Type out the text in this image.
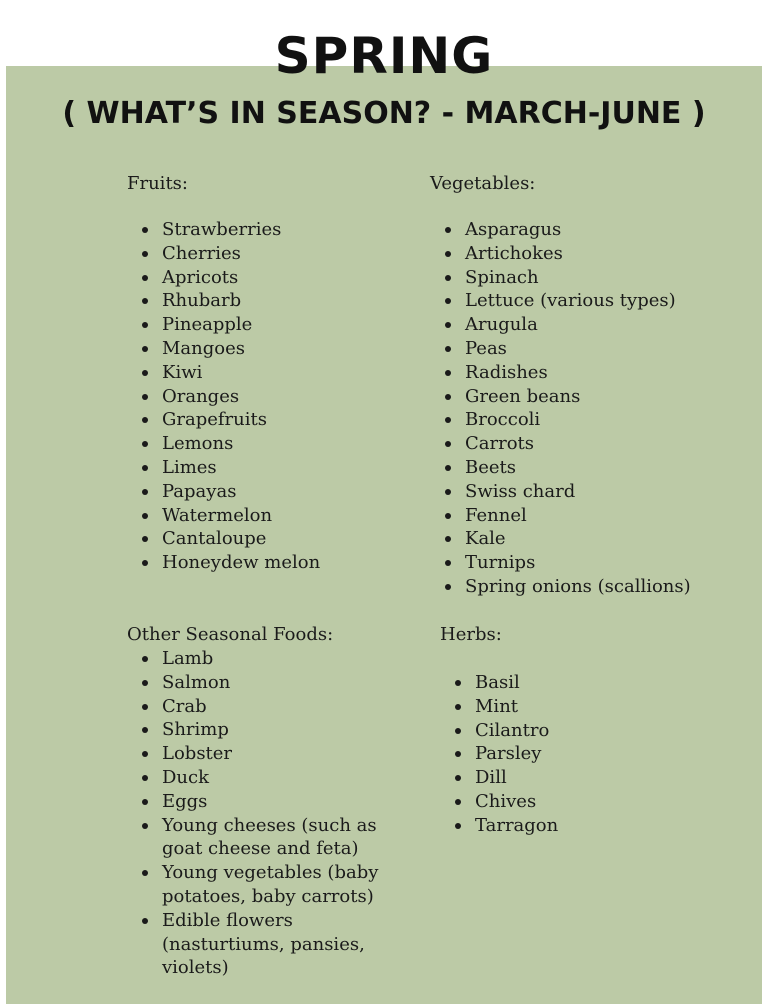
SPRING
( WHAT’S IN SEASON? - MARCH-JUNE )

Fruits:

Strawberries
Cherries
Apricots
Rhubarb
Pineapple
Mangoes
Kiwi
Oranges
Grapefruits
Lemons
Limes
Papayas
Watermelon
Cantaloupe
Honeydew melon

Vegetables:

Asparagus
Artichokes
Spinach
Lettuce (various types)
Arugula
Peas
Radishes
Green beans
Broccoli
Carrots
Beets
Swiss chard
Fennel
Kale
Turnips
Spring onions (scallions)

Other Seasonal Foods:

Lamb
Salmon
Crab
Shrimp
Lobster
Duck
Eggs
Young cheeses (such as
goat cheese and feta)
Young vegetables (baby
potatoes, baby carrots)
Edible flowers
(nasturtiums, pansies,
violets)

Herbs:

Basil
Mint
Cilantro
Parsley
Dill
Chives
Tarragon
